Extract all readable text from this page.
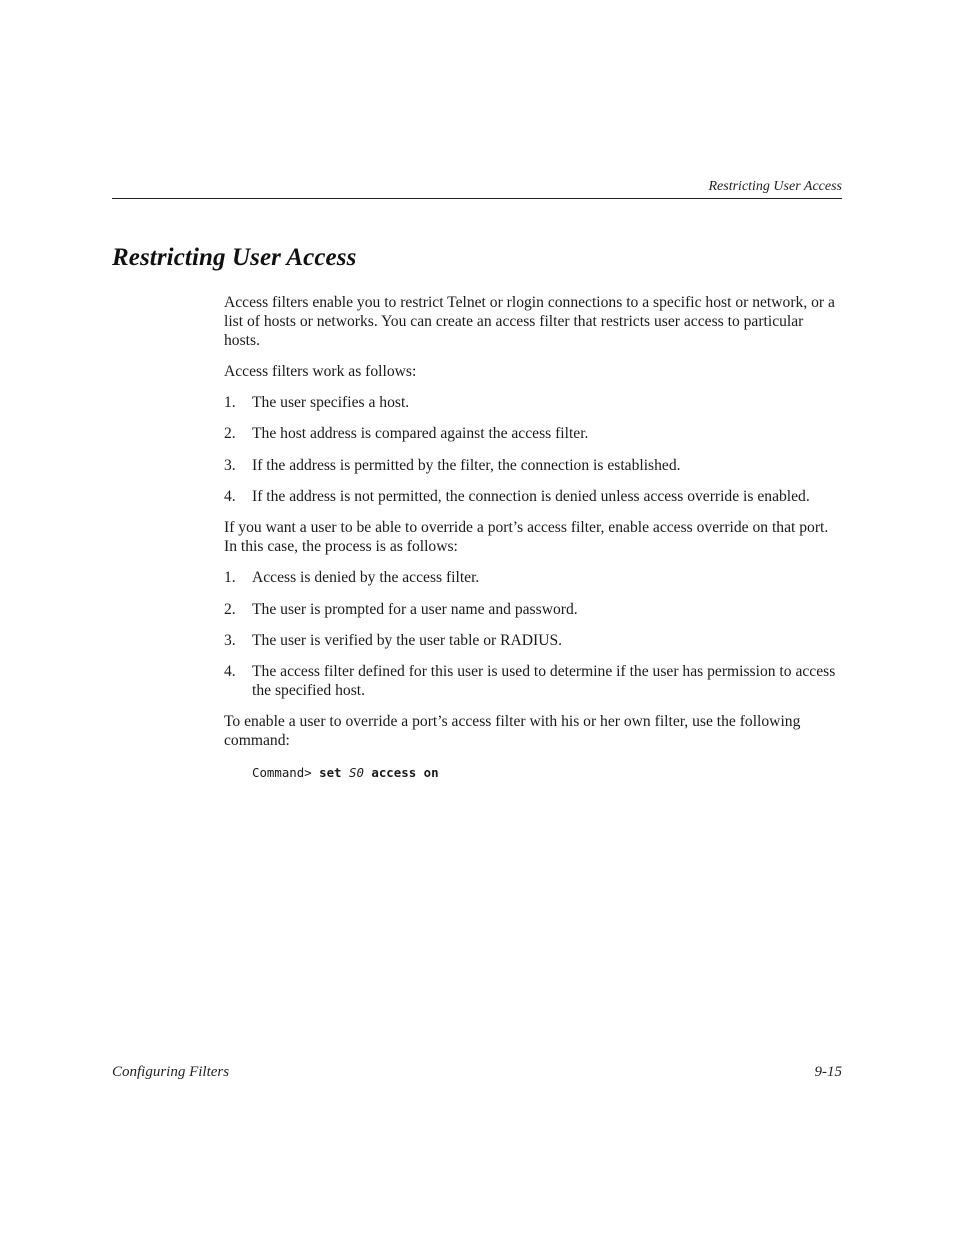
Restricting User Access
Restricting User Access

Access filters enable you to restrict Telnet or rlogin connections to a specific host or network, or a list of hosts or networks. You can create an access filter that restricts user access to particular hosts.

Access filters work as follows:

1. The user specifies a host.
2. The host address is compared against the access filter.
3. If the address is permitted by the filter, the connection is established.
4. If the address is not permitted, the connection is denied unless access override is enabled.

If you want a user to be able to override a port’s access filter, enable access override on that port. In this case, the process is as follows:

1. Access is denied by the access filter.
2. The user is prompted for a user name and password.
3. The user is verified by the user table or RADIUS.
4. The access filter defined for this user is used to determine if the user has permission to access the specified host.

To enable a user to override a port’s access filter with his or her own filter, use the following command:

Command> set S0 access on
Configuring Filters	9-15
